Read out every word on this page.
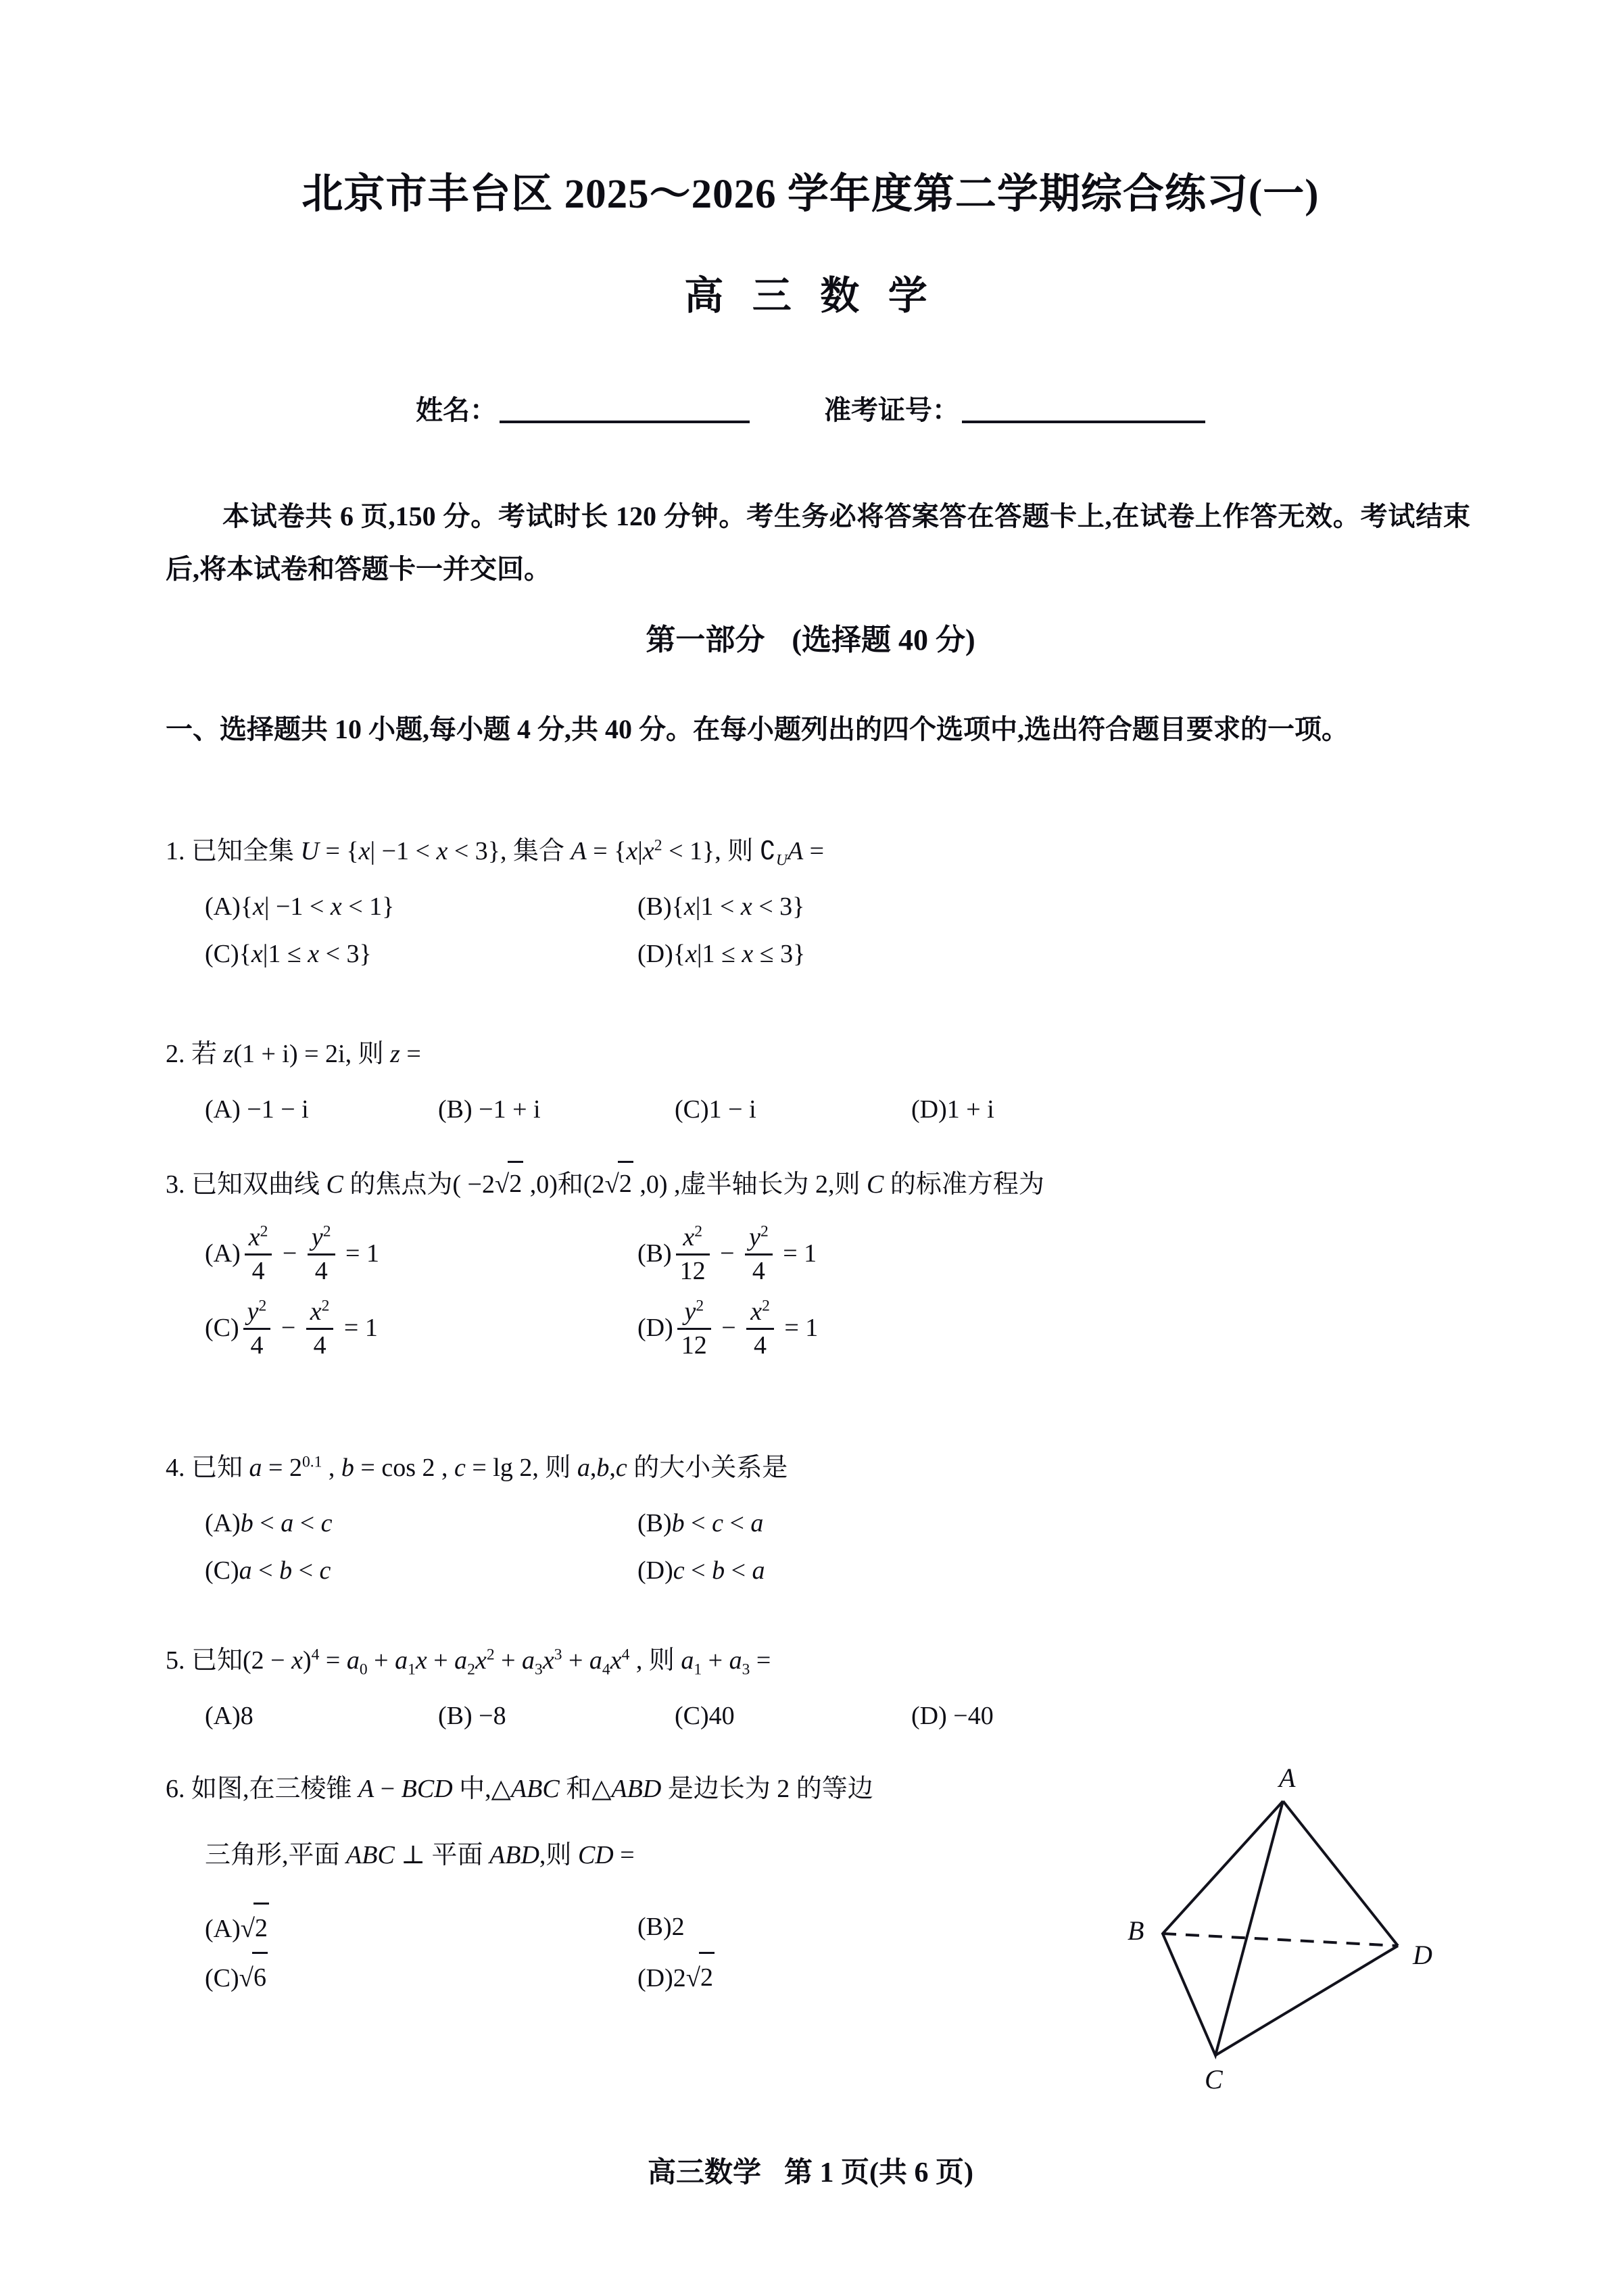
北京市丰台区 2025～2026 学年度第二学期综合练习(一)
高 三 数 学
姓名：	准考证号：
本试卷共 6 页,150 分。考试时长 120 分钟。考生务必将答案答在答题卡上,在试卷上作答无效。考试结束后,将本试卷和答题卡一并交回。
第一部分 (选择题 40 分)
一、选择题共 10 小题,每小题 4 分,共 40 分。在每小题列出的四个选项中,选出符合题目要求的一项。
1. 已知全集 U = {x| −1 < x < 3}, 集合 $A = \{x|x^2 < 1\}$, 则 $∁_UA$ =
(A){x| −1 < x < 1}	(B){x|1 < x < 3}
(C){x|1 ≤ x < 3}	(D){x|1 ≤ x ≤ 3}
2. 若 z(1 + i) = 2i, 则 z =
(A) −1 − i	(B) −1 + i	(C)1 − i	(D)1 + i
3. 已知双曲线 C 的焦点为( −2√2 ,0)和(2√2 ,0) ,虚半轴长为 2,则 C 的标准方程为
$(A) \frac{x^2}{4} - \frac{y^2}{4} = 1$	$(B) \frac{x^2}{12} - \frac{y^2}{4} = 1$
$(C) \frac{y^2}{4} - \frac{x^2}{4} = 1$	$(D) \frac{y^2}{12} - \frac{x^2}{4} = 1$
4. 已知 $a = 2^{0.1}$ , b = cos 2 , c = lg 2, 则 a,b,c 的大小关系是
(A)b < a < c	(B)b < c < a
(C)a < b < c	(D)c < b < a
5. 已知$(2 - x)^4 = a_0 + a_1x + a_2x^2 + a_3x^3 + a_4x^4$ , 则 $a_1 + a_3$ =
(A)8	(B) −8	(C)40	(D) −40
6. 如图,在三棱锥 A − BCD 中,△ABC 和△ABD 是边长为 2 的等边
三角形,平面 ABC ⊥ 平面 ABD,则 CD =
(A)√2	(B)2
(C)√6	(D)2√2
A
B
D
C
高三数学 第 1 页(共 6 页)
